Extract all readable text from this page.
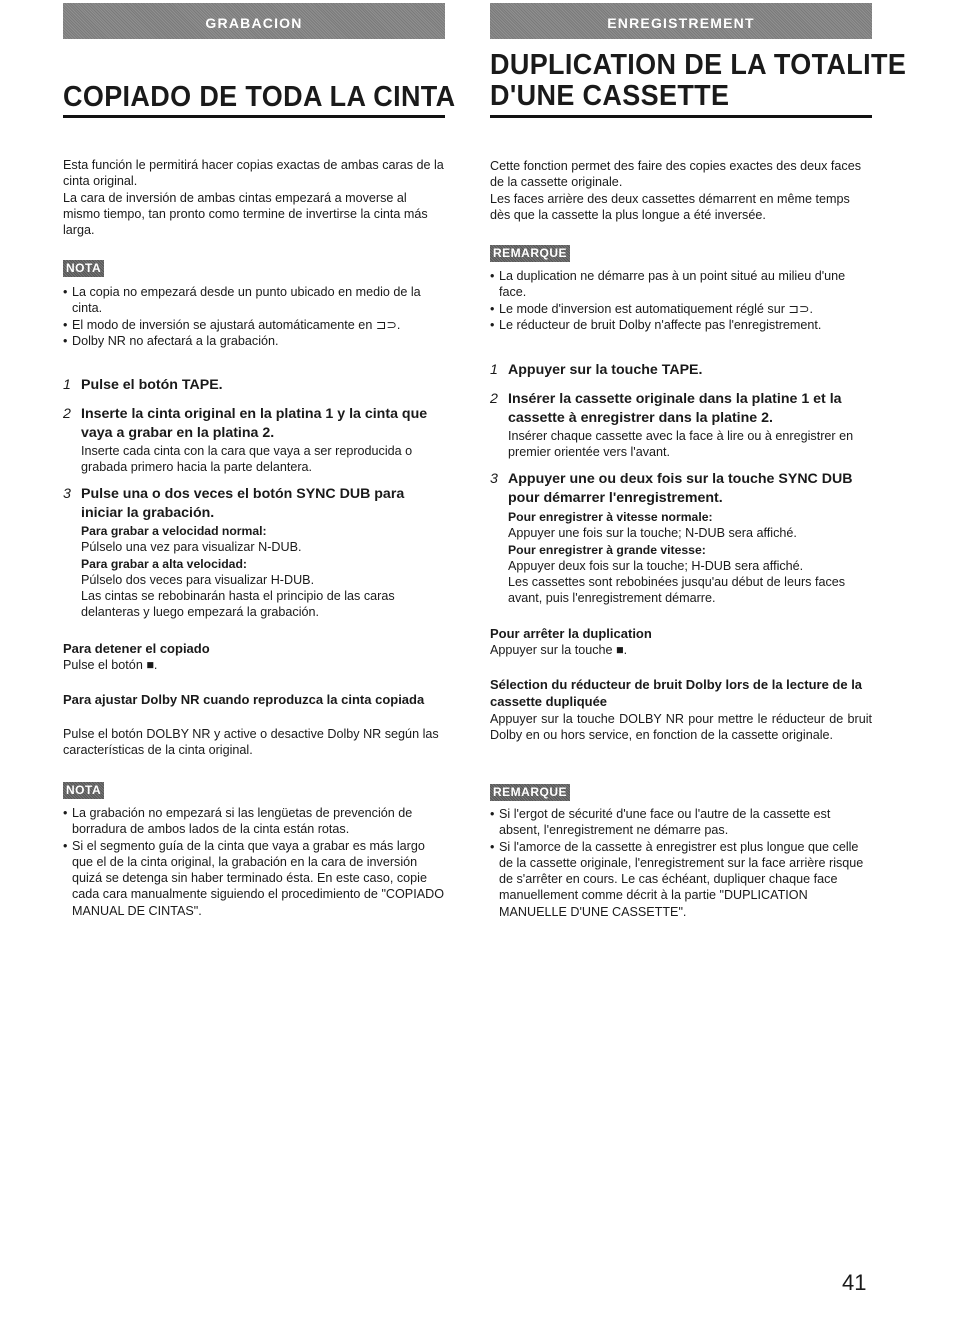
GRABACION
COPIADO DE TODA LA CINTA
Esta función le permitirá hacer copias exactas de ambas caras de la cinta original.
La cara de inversión de ambas cintas empezará a moverse al mismo tiempo, tan pronto como termine de invertirse la cinta más larga.
NOTA
• La copia no empezará desde un punto ubicado en medio de la cinta.
• El modo de inversión se ajustará automáticamente en ⊐⊃.
• Dolby NR no afectará a la grabación.
1 Pulse el botón TAPE.
2 Inserte la cinta original en la platina 1 y la cinta que vaya a grabar en la platina 2.
Inserte cada cinta con la cara que vaya a ser reproducida o grabada primero hacia la parte delantera.
3 Pulse una o dos veces el botón SYNC DUB para iniciar la grabación.
Para grabar a velocidad normal:
Púlselo una vez para visualizar N-DUB.
Para grabar a alta velocidad:
Púlselo dos veces para visualizar H-DUB.
Las cintas se rebobinarán hasta el principio de las caras delanteras y luego empezará la grabación.
Para detener el copiado
Pulse el botón ■.
Para ajustar Dolby NR cuando reproduzca la cinta copiada
Pulse el botón DOLBY NR y active o desactive Dolby NR según las características de la cinta original.
NOTA
• La grabación no empezará si las lengüetas de prevención de borradura de ambos lados de la cinta están rotas.
• Si el segmento guía de la cinta que vaya a grabar es más largo que el de la cinta original, la grabación en la cara de inversión quizá se detenga sin haber terminado ésta. En este caso, copie cada cara manualmente siguiendo el procedimiento de "COPIADO MANUAL DE CINTAS".
ENREGISTREMENT
DUPLICATION DE LA TOTALITE
D'UNE CASSETTE
Cette fonction permet des faire des copies exactes des deux faces de la cassette originale.
Les faces arrière des deux cassettes démarrent en même temps dès que la cassette la plus longue a été inversée.
REMARQUE
• La duplication ne démarre pas à un point situé au milieu d'une face.
• Le mode d'inversion est automatiquement réglé sur ⊐⊃.
• Le réducteur de bruit Dolby n'affecte pas l'enregistrement.
1 Appuyer sur la touche TAPE.
2 Insérer la cassette originale dans la platine 1 et la cassette à enregistrer dans la platine 2.
Insérer chaque cassette avec la face à lire ou à enregistrer en premier orientée vers l'avant.
3 Appuyer une ou deux fois sur la touche SYNC DUB pour démarrer l'enregistrement.
Pour enregistrer à vitesse normale:
Appuyer une fois sur la touche; N-DUB sera affiché.
Pour enregistrer à grande vitesse:
Appuyer deux fois sur la touche; H-DUB sera affiché.
Les cassettes sont rebobinées jusqu'au début de leurs faces avant, puis l'enregistrement démarre.
Pour arrêter la duplication
Appuyer sur la touche ■.
Sélection du réducteur de bruit Dolby lors de la lecture de la cassette dupliquée
Appuyer sur la touche DOLBY NR pour mettre le réducteur de bruit Dolby en ou hors service, en fonction de la cassette originale.
REMARQUE
• Si l'ergot de sécurité d'une face ou l'autre de la cassette est absent, l'enregistrement ne démarre pas.
• Si l'amorce de la cassette à enregistrer est plus longue que celle de la cassette originale, l'enregistrement sur la face arrière risque de s'arrêter en cours. Le cas échéant, dupliquer chaque face manuellement comme décrit à la partie "DUPLICATION MANUELLE D'UNE CASSETTE".
41
